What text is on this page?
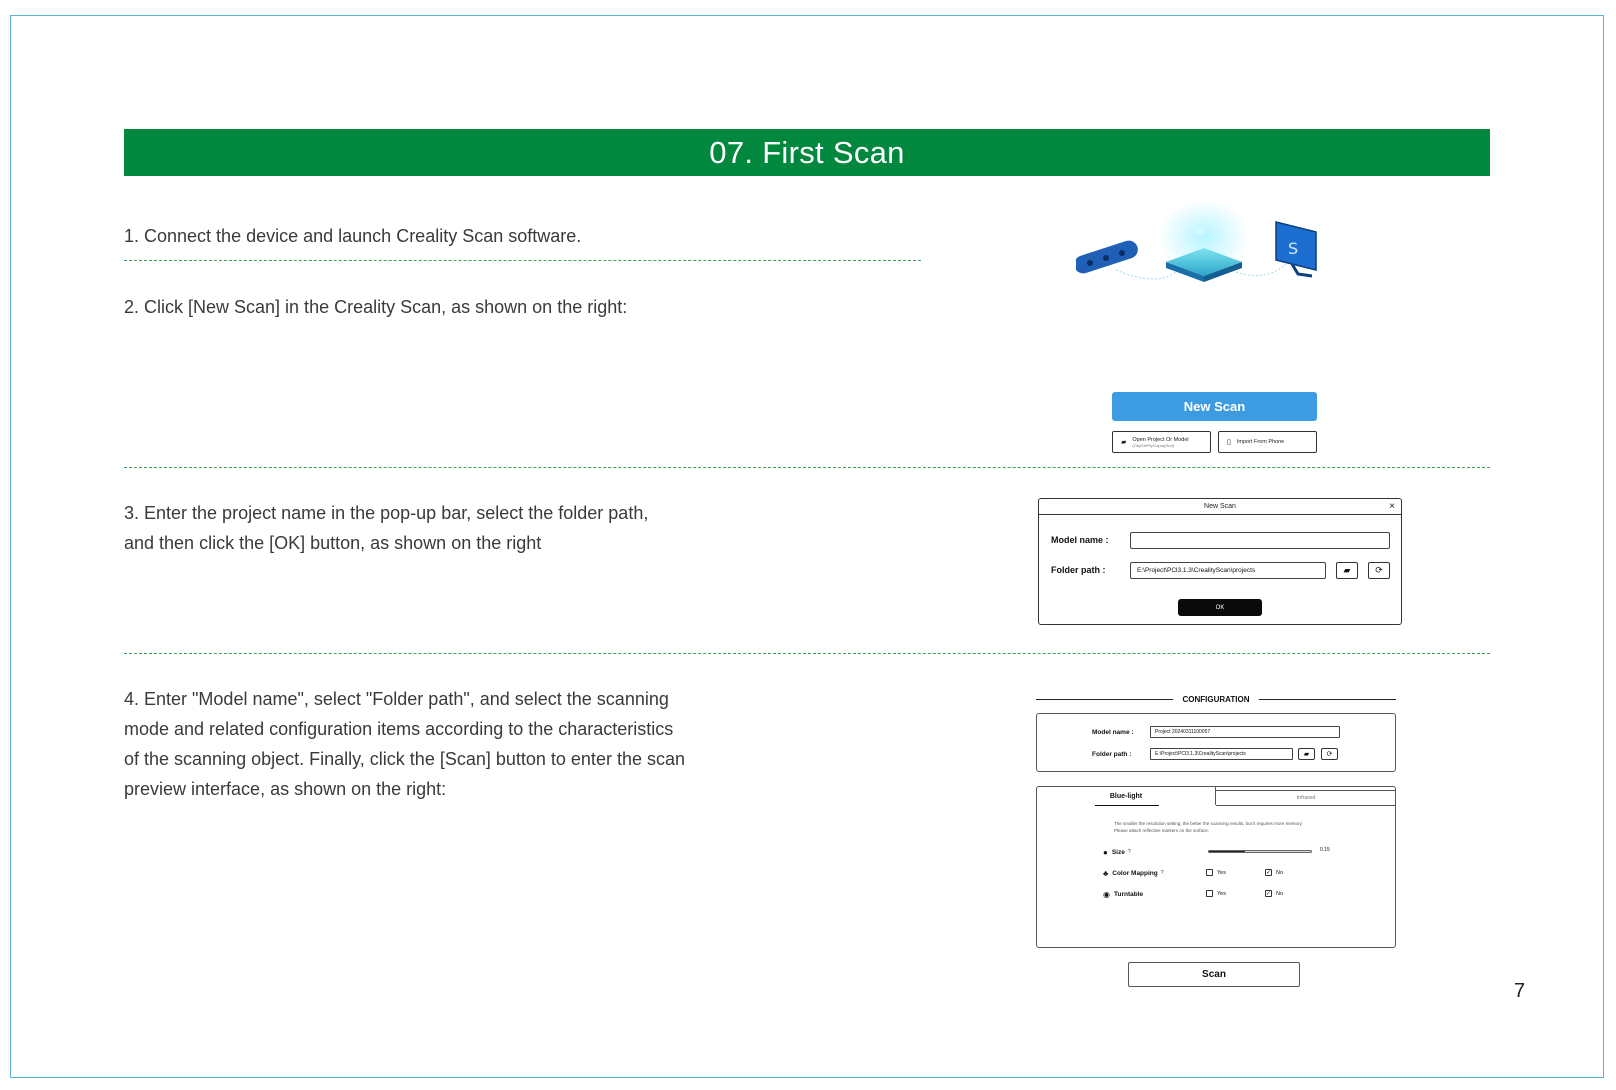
07. First Scan
1. Connect the device and launch Creality Scan software.
2. Click [New Scan] in the Creality Scan, as shown on the right:
3. Enter the project name in the pop-up bar, select the folder path,
and then click the [OK] button, as shown on the right
4. Enter "Model name", select "Folder path", and select the scanning
mode and related configuration items according to the characteristics
of the scanning object. Finally, click the [Scan] button to enter the scan
preview interface, as shown on the right:
∞
S
New Scan
▰ Open Project Or Model
(Obj/Stl/Ply/Cxproj/3mf)	▯ Import From Phone
New Scan	×
Model name :
Folder path :	E:\Project\PCl3.1.3\CrealityScan\projects	▰	⟳
OK
CONFIGURATION
Model name :	Project 20240311100057
Folder path :	E:\Project\PCl3.1.3\CrealityScan\projects	▰	⟳
Blue-light	Infrared
The smaller the resolution setting, the better the scanning results, but it requires more memory.
Please attach reflective markers on the surface.
● Size ?	0.15
♣ Color Mapping ?	Yes	✓ No
◉ Turntable	Yes	✓ No
Scan
7
